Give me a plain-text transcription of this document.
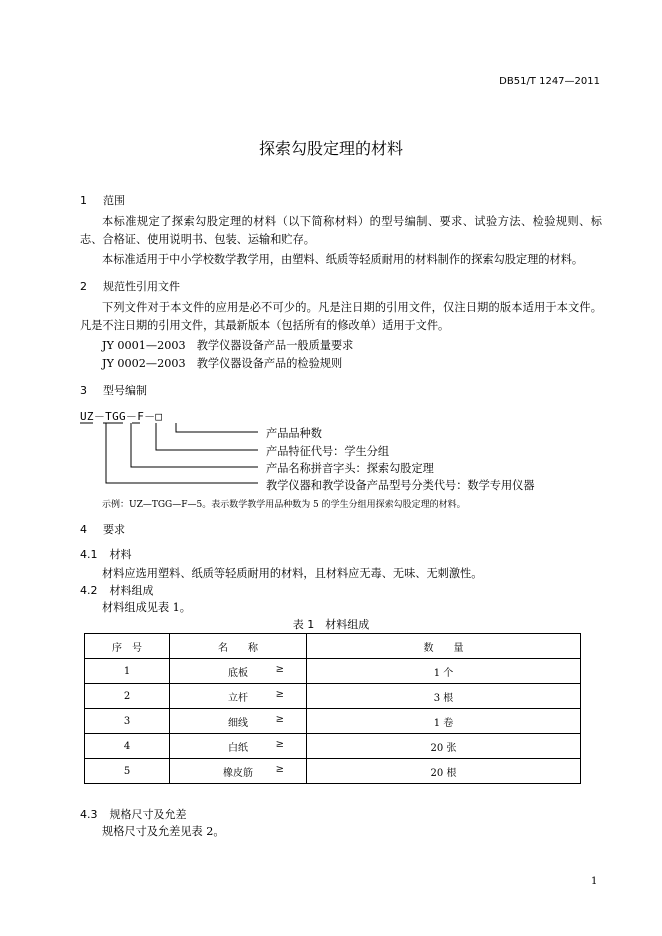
DB51/T 1247—2011
探索勾股定理的材料
1 范围
本标准规定了探索勾股定理的材料（以下简称材料）的型号编制、要求、试验方法、检验规则、标志、合格证、使用说明书、包装、运输和贮存。
本标准适用于中小学校数学教学用，由塑料、纸质等轻质耐用的材料制作的探索勾股定理的材料。
2 规范性引用文件
下列文件对于本文件的应用是必不可少的。凡是注日期的引用文件，仅注日期的版本适用于本文件。凡是不注日期的引用文件，其最新版本（包括所有的修改单）适用于文件。
JY 0001—2003　教学仪器设备产品一般质量要求
JY 0002—2003　教学仪器设备产品的检验规则
3 型号编制
UZ－TGG－F－□
产品品种数
产品特征代号：学生分组
产品名称拼音字头：探索勾股定理
教学仪器和教学设备产品型号分类代号：数学专用仪器
示例：UZ—TGG—F—5。表示数学教学用品种数为 5 的学生分组用探索勾股定理的材料。
4 要求
4.1 材料
材料应选用塑料、纸质等轻质耐用的材料，且材料应无毒、无味、无刺激性。
4.2 材料组成
材料组成见表 1。
表 1　材料组成
序　号	名　　称	数　　量
1	底板 ≥	1 个
2	立杆 ≥	3 根
3	细线 ≥	1 卷
4	白纸 ≥	20 张
5	橡皮筋 ≥	20 根
4.3 规格尺寸及允差
规格尺寸及允差见表 2。
1
